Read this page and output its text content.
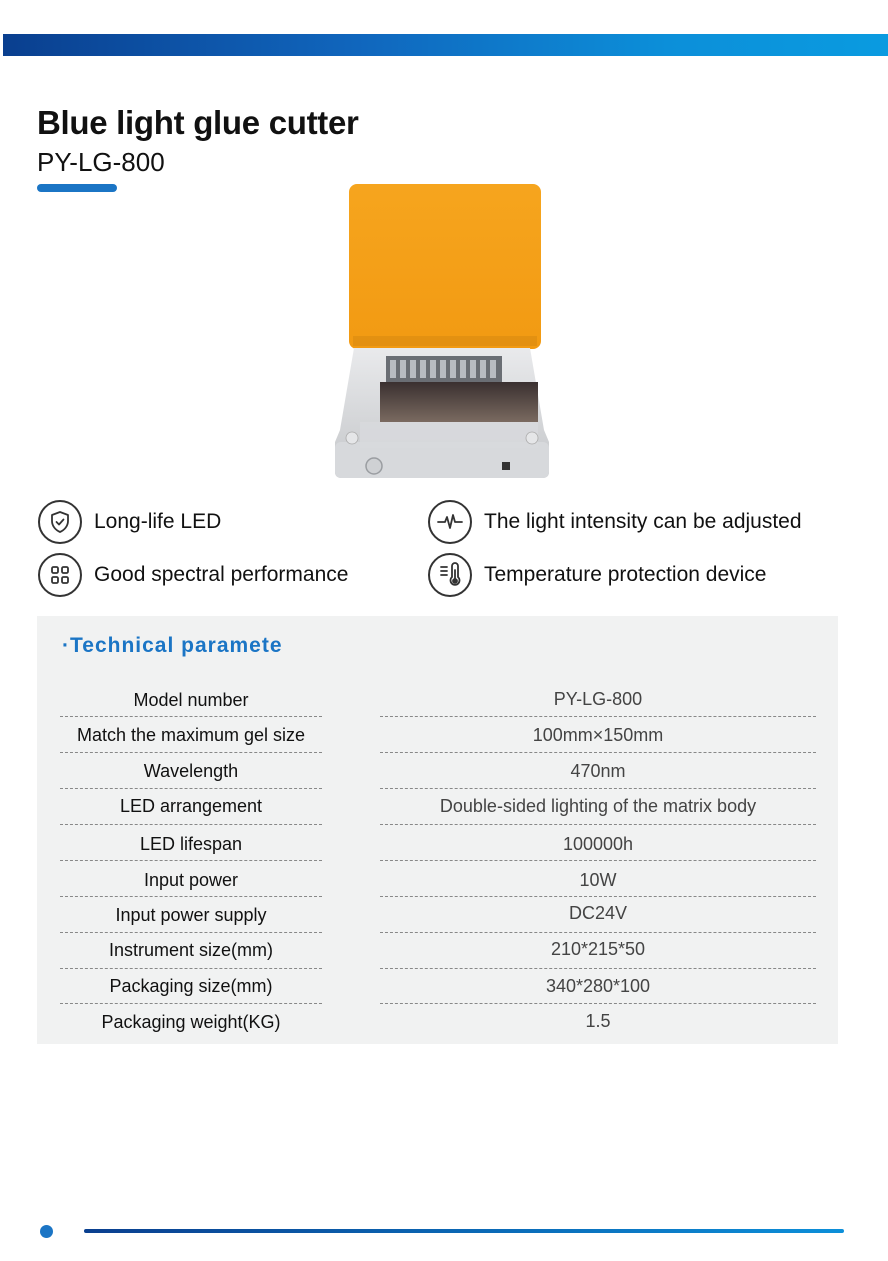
Blue light glue cutter
PY-LG-800
Long-life LED	The light intensity can be adjusted
Good spectral performance	Temperature protection device
·Technical paramete
Model number	PY-LG-800
Match the maximum gel size	100mm×150mm
Wavelength	470nm
LED arrangement	Double-sided lighting of the matrix body
LED lifespan	100000h
Input power	10W
Input power supply	DC24V
Instrument size(mm)	210*215*50
Packaging size(mm)	340*280*100
Packaging weight(KG)	1.5
